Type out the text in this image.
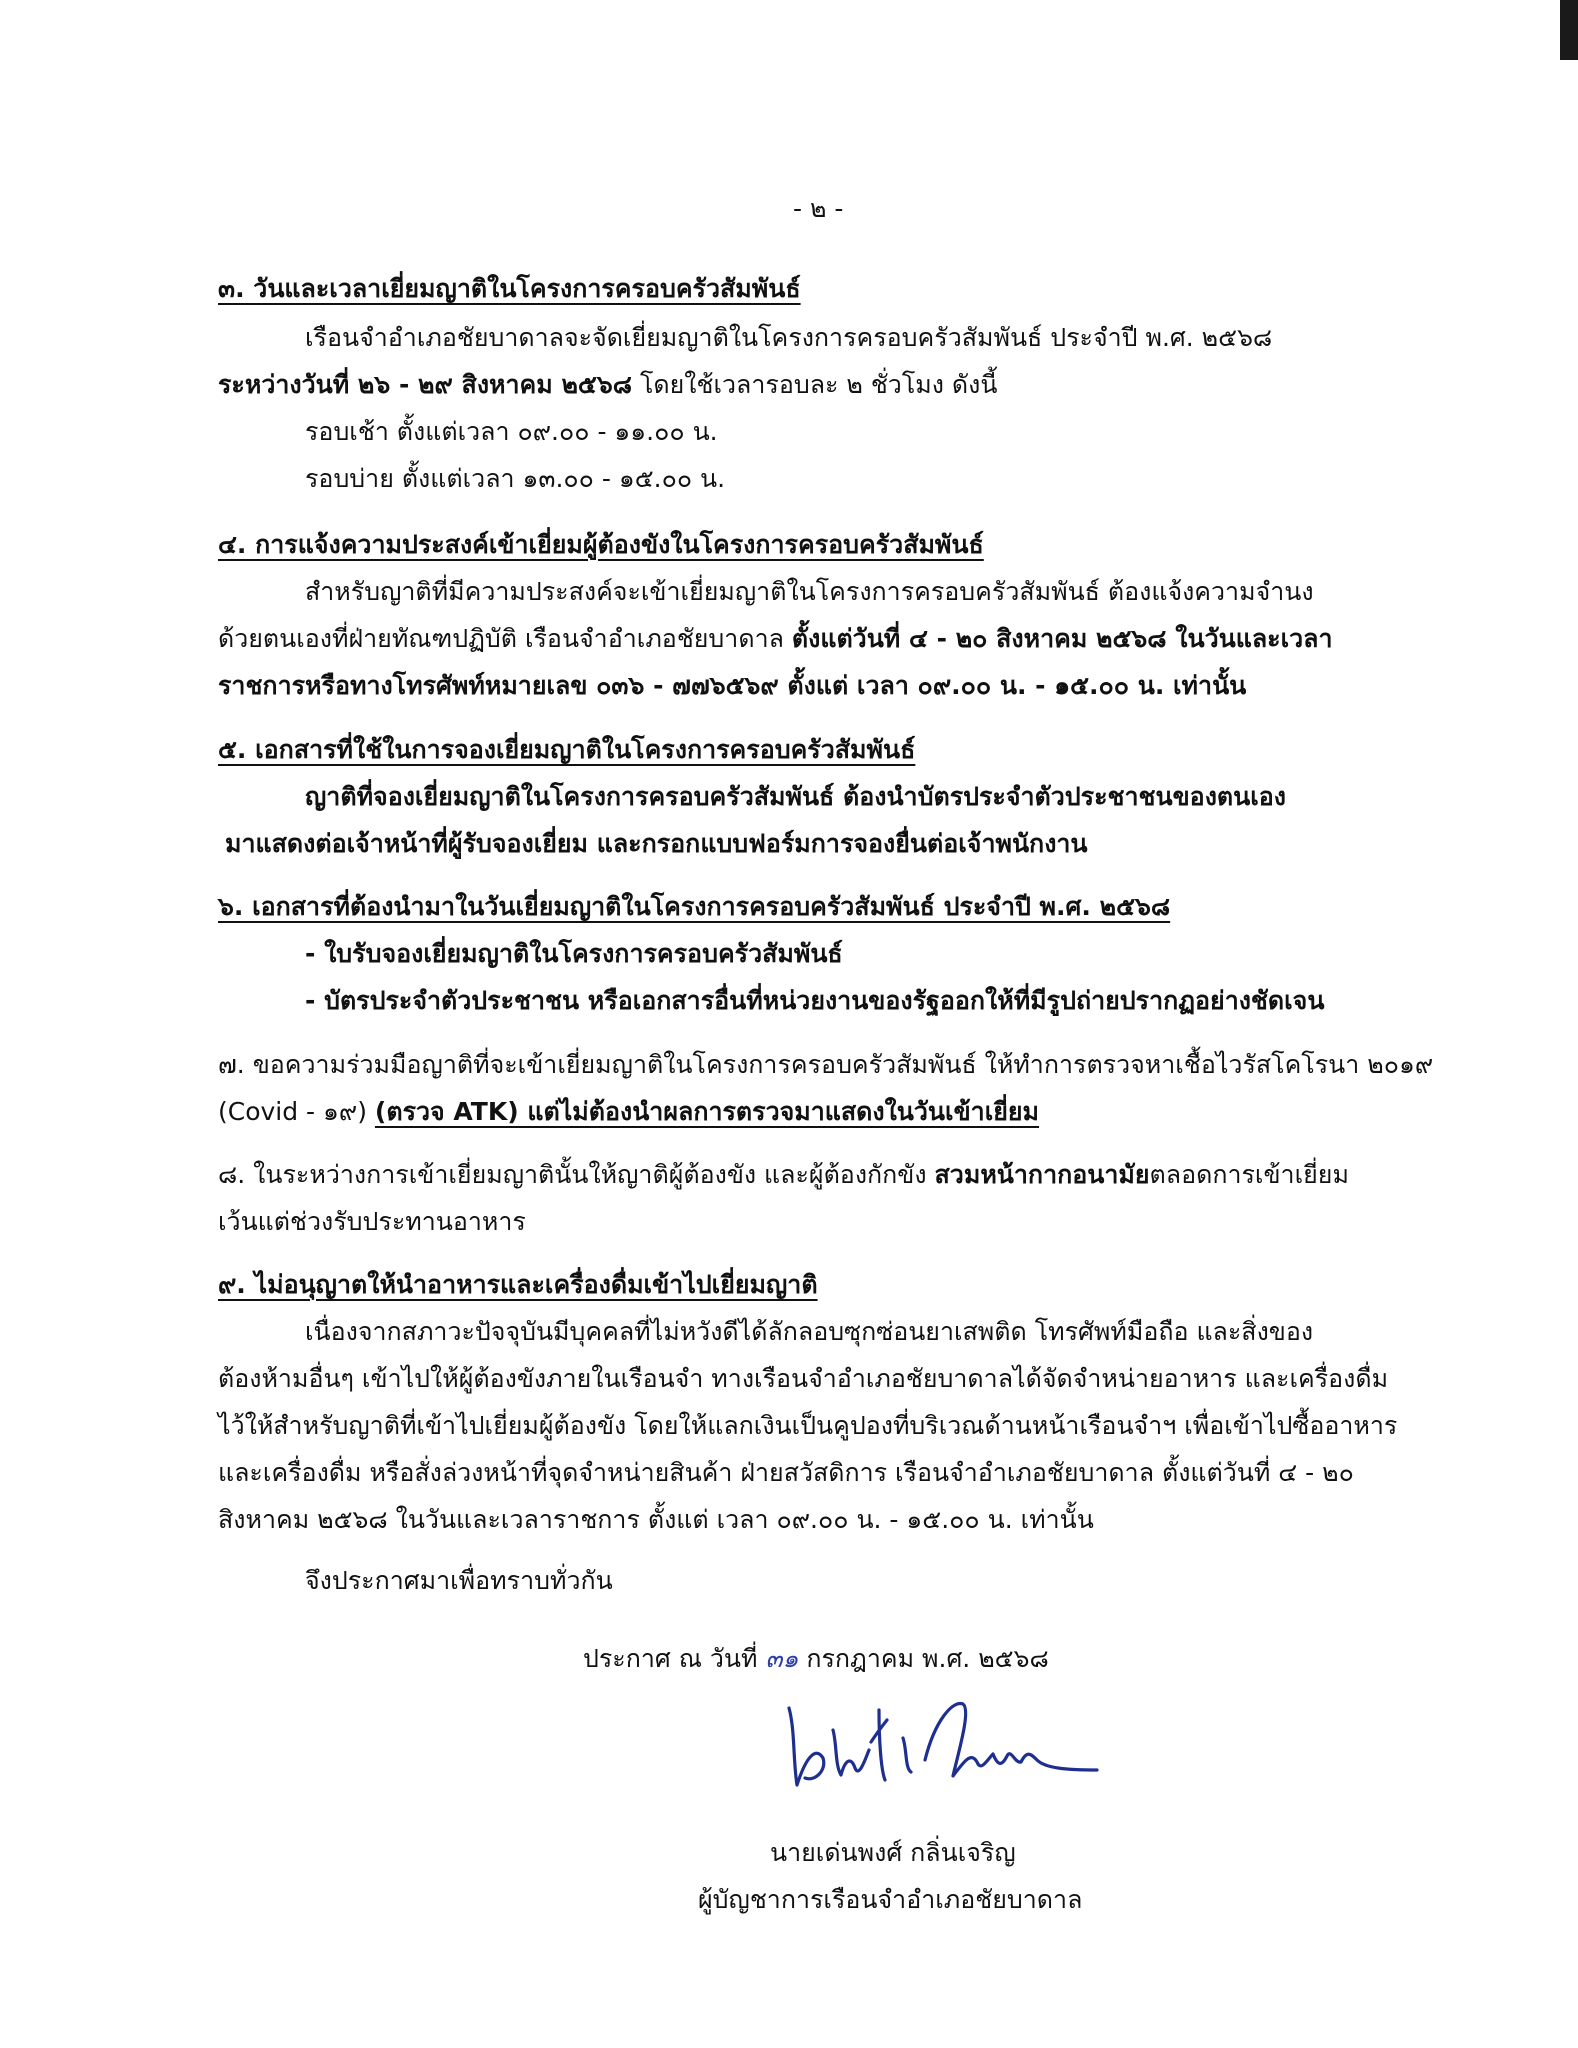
- ๒ -
๓. วันและเวลาเยี่ยมญาติในโครงการครอบครัวสัมพันธ์
เรือนจำอำเภอชัยบาดาลจะจัดเยี่ยมญาติในโครงการครอบครัวสัมพันธ์ ประจำปี พ.ศ. ๒๕๖๘
ระหว่างวันที่ ๒๖ - ๒๙ สิงหาคม ๒๕๖๘ โดยใช้เวลารอบละ ๒ ชั่วโมง ดังนี้
รอบเช้า ตั้งแต่เวลา ๐๙.๐๐ - ๑๑.๐๐ น.
รอบบ่าย ตั้งแต่เวลา ๑๓.๐๐ - ๑๕.๐๐ น.
๔. การแจ้งความประสงค์เข้าเยี่ยมผู้ต้องขังในโครงการครอบครัวสัมพันธ์
สำหรับญาติที่มีความประสงค์จะเข้าเยี่ยมญาติในโครงการครอบครัวสัมพันธ์ ต้องแจ้งความจำนง
ด้วยตนเองที่ฝ่ายทัณฑปฏิบัติ เรือนจำอำเภอชัยบาดาล ตั้งแต่วันที่ ๔ - ๒๐ สิงหาคม ๒๕๖๘ ในวันและเวลา
ราชการหรือทางโทรศัพท์หมายเลข ๐๓๖ - ๗๗๖๕๖๙ ตั้งแต่ เวลา ๐๙.๐๐ น. - ๑๕.๐๐ น. เท่านั้น
๕. เอกสารที่ใช้ในการจองเยี่ยมญาติในโครงการครอบครัวสัมพันธ์
ญาติที่จองเยี่ยมญาติในโครงการครอบครัวสัมพันธ์ ต้องนำบัตรประจำตัวประชาชนของตนเอง
มาแสดงต่อเจ้าหน้าที่ผู้รับจองเยี่ยม และกรอกแบบฟอร์มการจองยื่นต่อเจ้าพนักงาน
๖. เอกสารที่ต้องนำมาในวันเยี่ยมญาติในโครงการครอบครัวสัมพันธ์ ประจำปี พ.ศ. ๒๕๖๘
- ใบรับจองเยี่ยมญาติในโครงการครอบครัวสัมพันธ์
- บัตรประจำตัวประชาชน หรือเอกสารอื่นที่หน่วยงานของรัฐออกให้ที่มีรูปถ่ายปรากฏอย่างชัดเจน
๗. ขอความร่วมมือญาติที่จะเข้าเยี่ยมญาติในโครงการครอบครัวสัมพันธ์ ให้ทำการตรวจหาเชื้อไวรัสโคโรนา ๒๐๑๙
(Covid - ๑๙) (ตรวจ ATK) แต่ไม่ต้องนำผลการตรวจมาแสดงในวันเข้าเยี่ยม
๘. ในระหว่างการเข้าเยี่ยมญาตินั้นให้ญาติผู้ต้องขัง และผู้ต้องกักขัง สวมหน้ากากอนามัยตลอดการเข้าเยี่ยม
เว้นแต่ช่วงรับประทานอาหาร
๙. ไม่อนุญาตให้นำอาหารและเครื่องดื่มเข้าไปเยี่ยมญาติ
เนื่องจากสภาวะปัจจุบันมีบุคคลที่ไม่หวังดีได้ลักลอบซุกซ่อนยาเสพติด โทรศัพท์มือถือ และสิ่งของ
ต้องห้ามอื่นๆ เข้าไปให้ผู้ต้องขังภายในเรือนจำ ทางเรือนจำอำเภอชัยบาดาลได้จัดจำหน่ายอาหาร และเครื่องดื่ม
ไว้ให้สำหรับญาติที่เข้าไปเยี่ยมผู้ต้องขัง โดยให้แลกเงินเป็นคูปองที่บริเวณด้านหน้าเรือนจำฯ เพื่อเข้าไปซื้ออาหาร
และเครื่องดื่ม หรือสั่งล่วงหน้าที่จุดจำหน่ายสินค้า ฝ่ายสวัสดิการ เรือนจำอำเภอชัยบาดาล ตั้งแต่วันที่ ๔ - ๒๐
สิงหาคม ๒๕๖๘ ในวันและเวลาราชการ ตั้งแต่ เวลา ๐๙.๐๐ น. - ๑๕.๐๐ น. เท่านั้น
จึงประกาศมาเพื่อทราบทั่วกัน
ประกาศ ณ วันที่ ๓๑ กรกฎาคม พ.ศ. ๒๕๖๘
นายเด่นพงศ์ กลิ่นเจริญ
ผู้บัญชาการเรือนจำอำเภอชัยบาดาล
